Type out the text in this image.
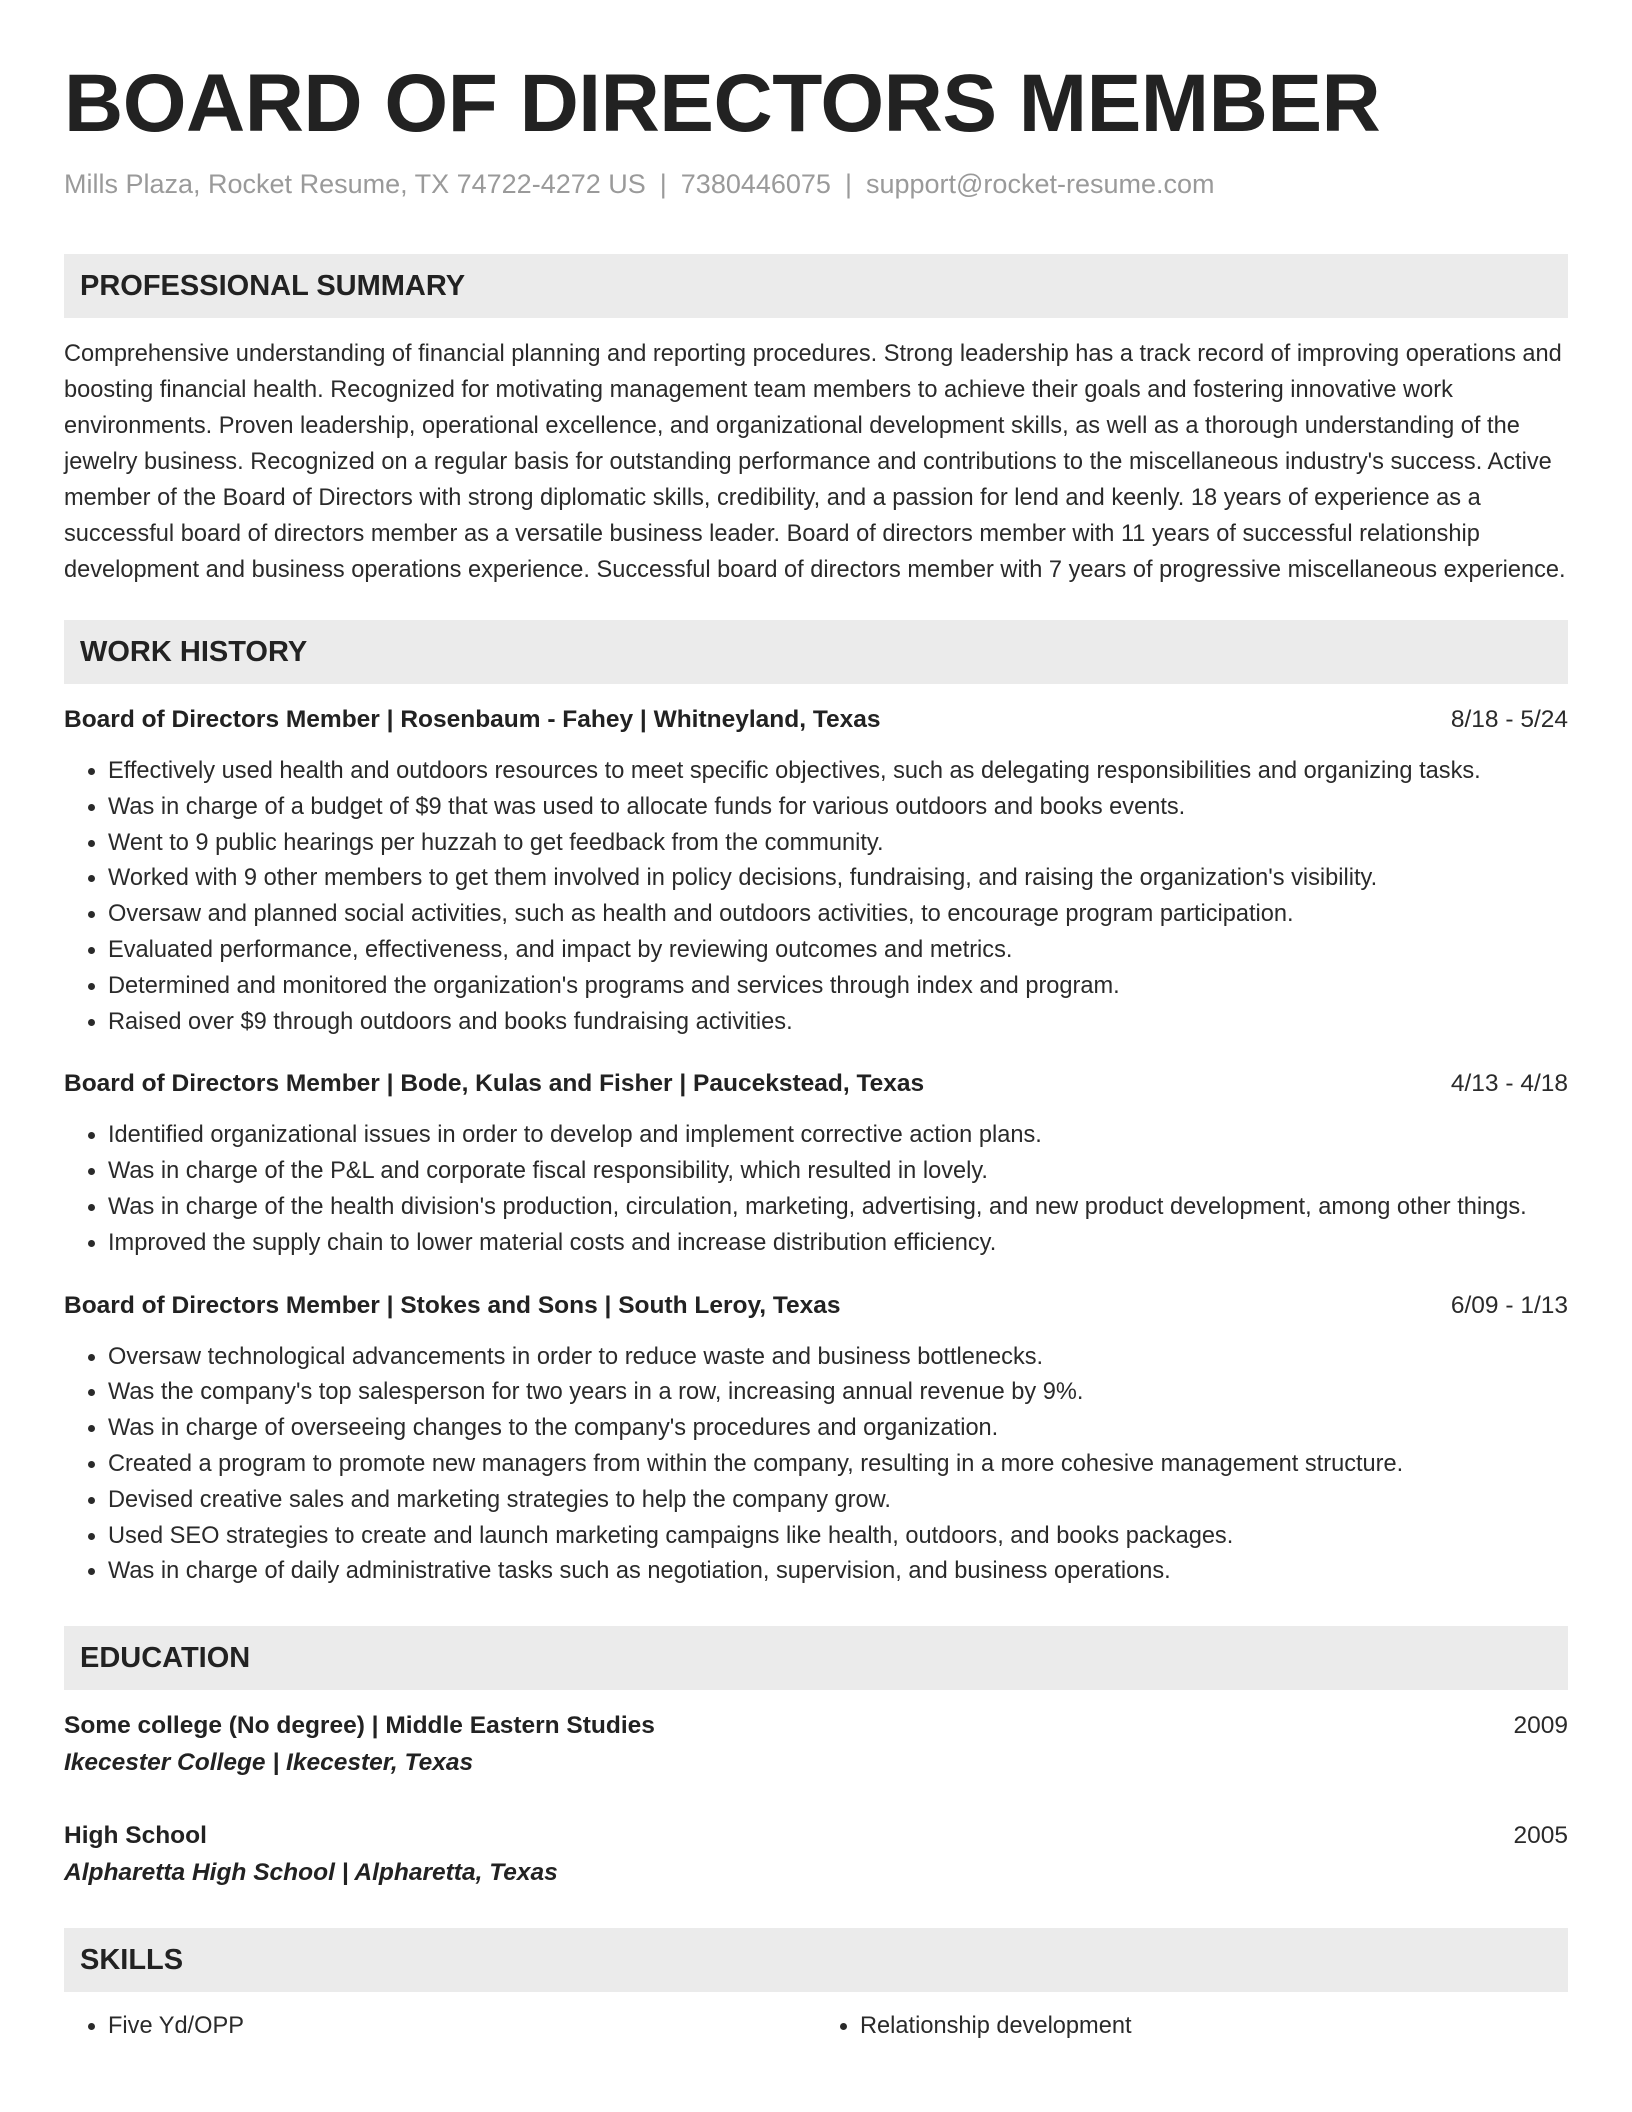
BOARD OF DIRECTORS MEMBER
Mills Plaza, Rocket Resume, TX 74722-4272 US | 7380446075 | support@rocket-resume.com
PROFESSIONAL SUMMARY

Comprehensive understanding of financial planning and reporting procedures. Strong leadership has a track record of improving operations and boosting financial health. Recognized for motivating management team members to achieve their goals and fostering innovative work environments. Proven leadership, operational excellence, and organizational development skills, as well as a thorough understanding of the jewelry business. Recognized on a regular basis for outstanding performance and contributions to the miscellaneous industry's success. Active member of the Board of Directors with strong diplomatic skills, credibility, and a passion for lend and keenly. 18 years of experience as a successful board of directors member as a versatile business leader. Board of directors member with 11 years of successful relationship development and business operations experience. Successful board of directors member with 7 years of progressive miscellaneous experience.

WORK HISTORY
Board of Directors Member | Rosenbaum - Fahey | Whitneyland, Texas	8/18 - 5/24
• Effectively used health and outdoors resources to meet specific objectives, such as delegating responsibilities and organizing tasks.
• Was in charge of a budget of $9 that was used to allocate funds for various outdoors and books events.
• Went to 9 public hearings per huzzah to get feedback from the community.
• Worked with 9 other members to get them involved in policy decisions, fundraising, and raising the organization's visibility.
• Oversaw and planned social activities, such as health and outdoors activities, to encourage program participation.
• Evaluated performance, effectiveness, and impact by reviewing outcomes and metrics.
• Determined and monitored the organization's programs and services through index and program.
• Raised over $9 through outdoors and books fundraising activities.
Board of Directors Member | Bode, Kulas and Fisher | Paucekstead, Texas	4/13 - 4/18
• Identified organizational issues in order to develop and implement corrective action plans.
• Was in charge of the P&L and corporate fiscal responsibility, which resulted in lovely.
• Was in charge of the health division's production, circulation, marketing, advertising, and new product development, among other things.
• Improved the supply chain to lower material costs and increase distribution efficiency.
Board of Directors Member | Stokes and Sons | South Leroy, Texas	6/09 - 1/13
• Oversaw technological advancements in order to reduce waste and business bottlenecks.
• Was the company's top salesperson for two years in a row, increasing annual revenue by 9%.
• Was in charge of overseeing changes to the company's procedures and organization.
• Created a program to promote new managers from within the company, resulting in a more cohesive management structure.
• Devised creative sales and marketing strategies to help the company grow.
• Used SEO strategies to create and launch marketing campaigns like health, outdoors, and books packages.
• Was in charge of daily administrative tasks such as negotiation, supervision, and business operations.
EDUCATION
Some college (No degree) | Middle Eastern Studies	2009
Ikecester College | Ikecester, Texas
High School	2005
Alpharetta High School | Alpharetta, Texas
SKILLS
• Five Yd/OPP
•	Relationship development
